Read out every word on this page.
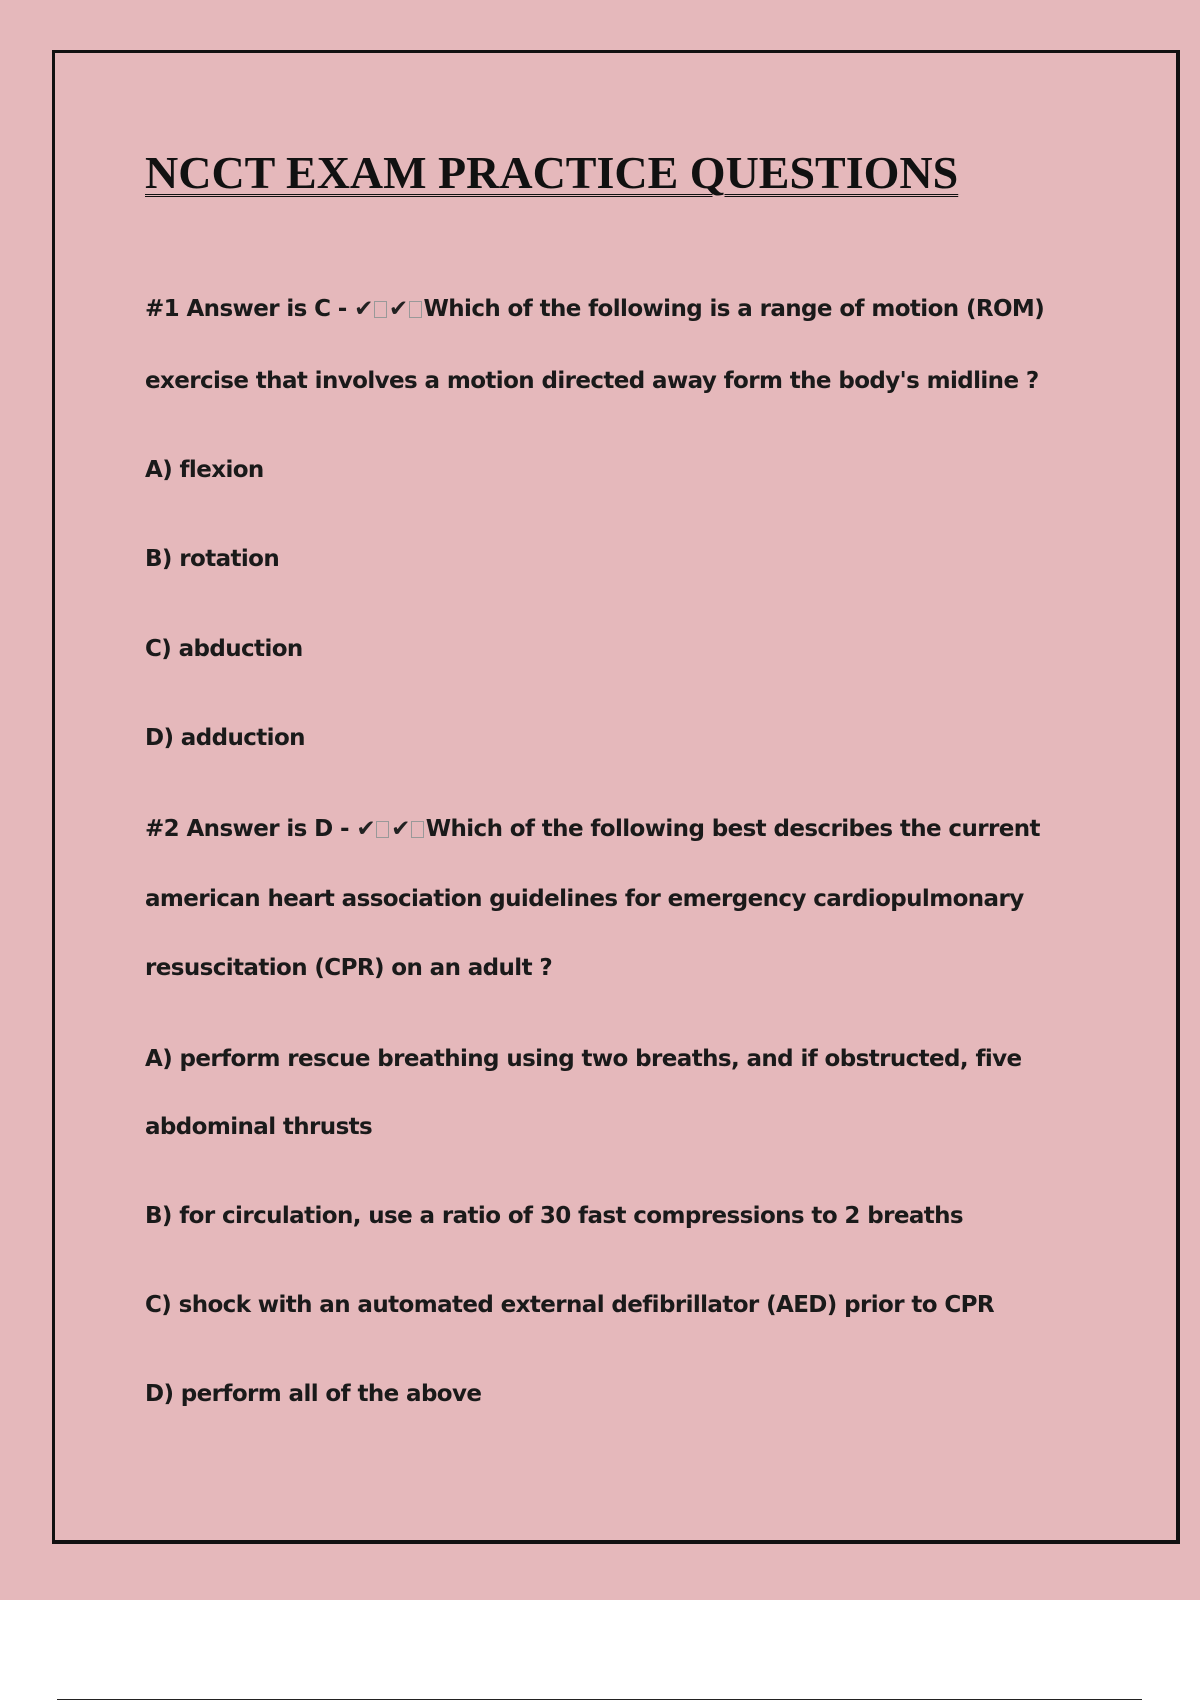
NCCT EXAM PRACTICE QUESTIONS

#1 Answer is C - ✔ ✔ Which of the following is a range of motion (ROM)

exercise that involves a motion directed away form the body's midline ?

A) flexion

B) rotation

C) abduction

D) adduction

#2 Answer is D - ✔ ✔ Which of the following best describes the current

american heart association guidelines for emergency cardiopulmonary

resuscitation (CPR) on an adult ?

A) perform rescue breathing using two breaths, and if obstructed, five

abdominal thrusts

B) for circulation, use a ratio of 30 fast compressions to 2 breaths

C) shock with an automated external defibrillator (AED) prior to CPR

D) perform all of the above
